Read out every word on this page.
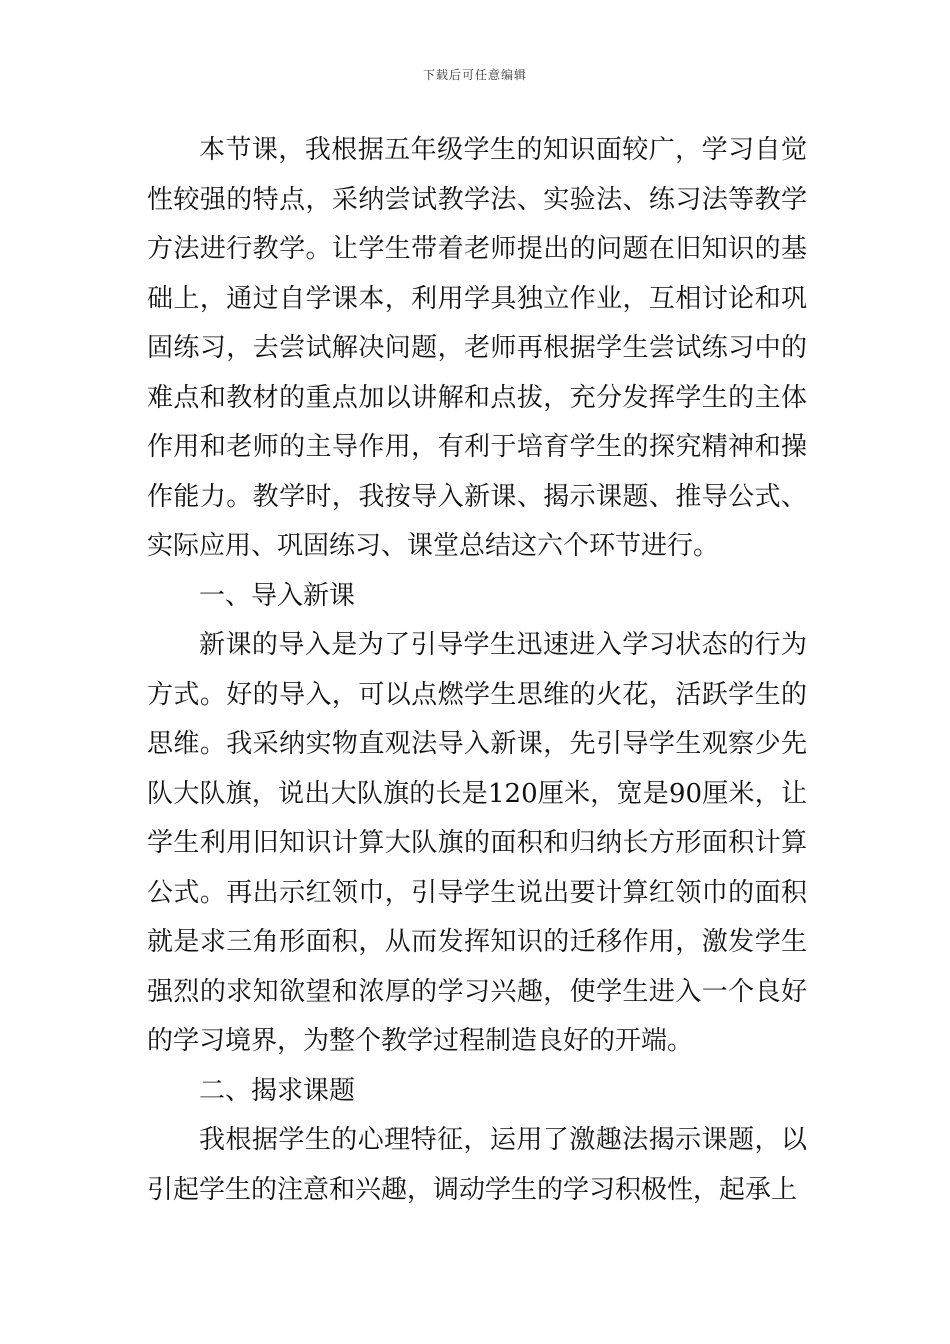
下载后可任意编辑

本节课，我根据五年级学生的知识面较广，学习自觉性较强的特点，采纳尝试教学法、实验法、练习法等教学方法进行教学。让学生带着老师提出的问题在旧知识的基础上，通过自学课本，利用学具独立作业，互相讨论和巩固练习，去尝试解决问题，老师再根据学生尝试练习中的难点和教材的重点加以讲解和点拔，充分发挥学生的主体作用和老师的主导作用，有利于培育学生的探究精神和操作能力。教学时，我按导入新课、揭示课题、推导公式、实际应用、巩固练习、课堂总结这六个环节进行。

一、导入新课

新课的导入是为了引导学生迅速进入学习状态的行为方式。好的导入，可以点燃学生思维的火花，活跃学生的思维。我采纳实物直观法导入新课，先引导学生观察少先队大队旗，说出大队旗的长是120厘米，宽是90厘米，让学生利用旧知识计算大队旗的面积和归纳长方形面积计算公式。再出示红领巾，引导学生说出要计算红领巾的面积就是求三角形面积，从而发挥知识的迁移作用，激发学生强烈的求知欲望和浓厚的学习兴趣，使学生进入一个良好的学习境界，为整个教学过程制造良好的开端。

二、揭求课题

我根据学生的心理特征，运用了激趣法揭示课题，以引起学生的注意和兴趣，调动学生的学习积极性，起承上
